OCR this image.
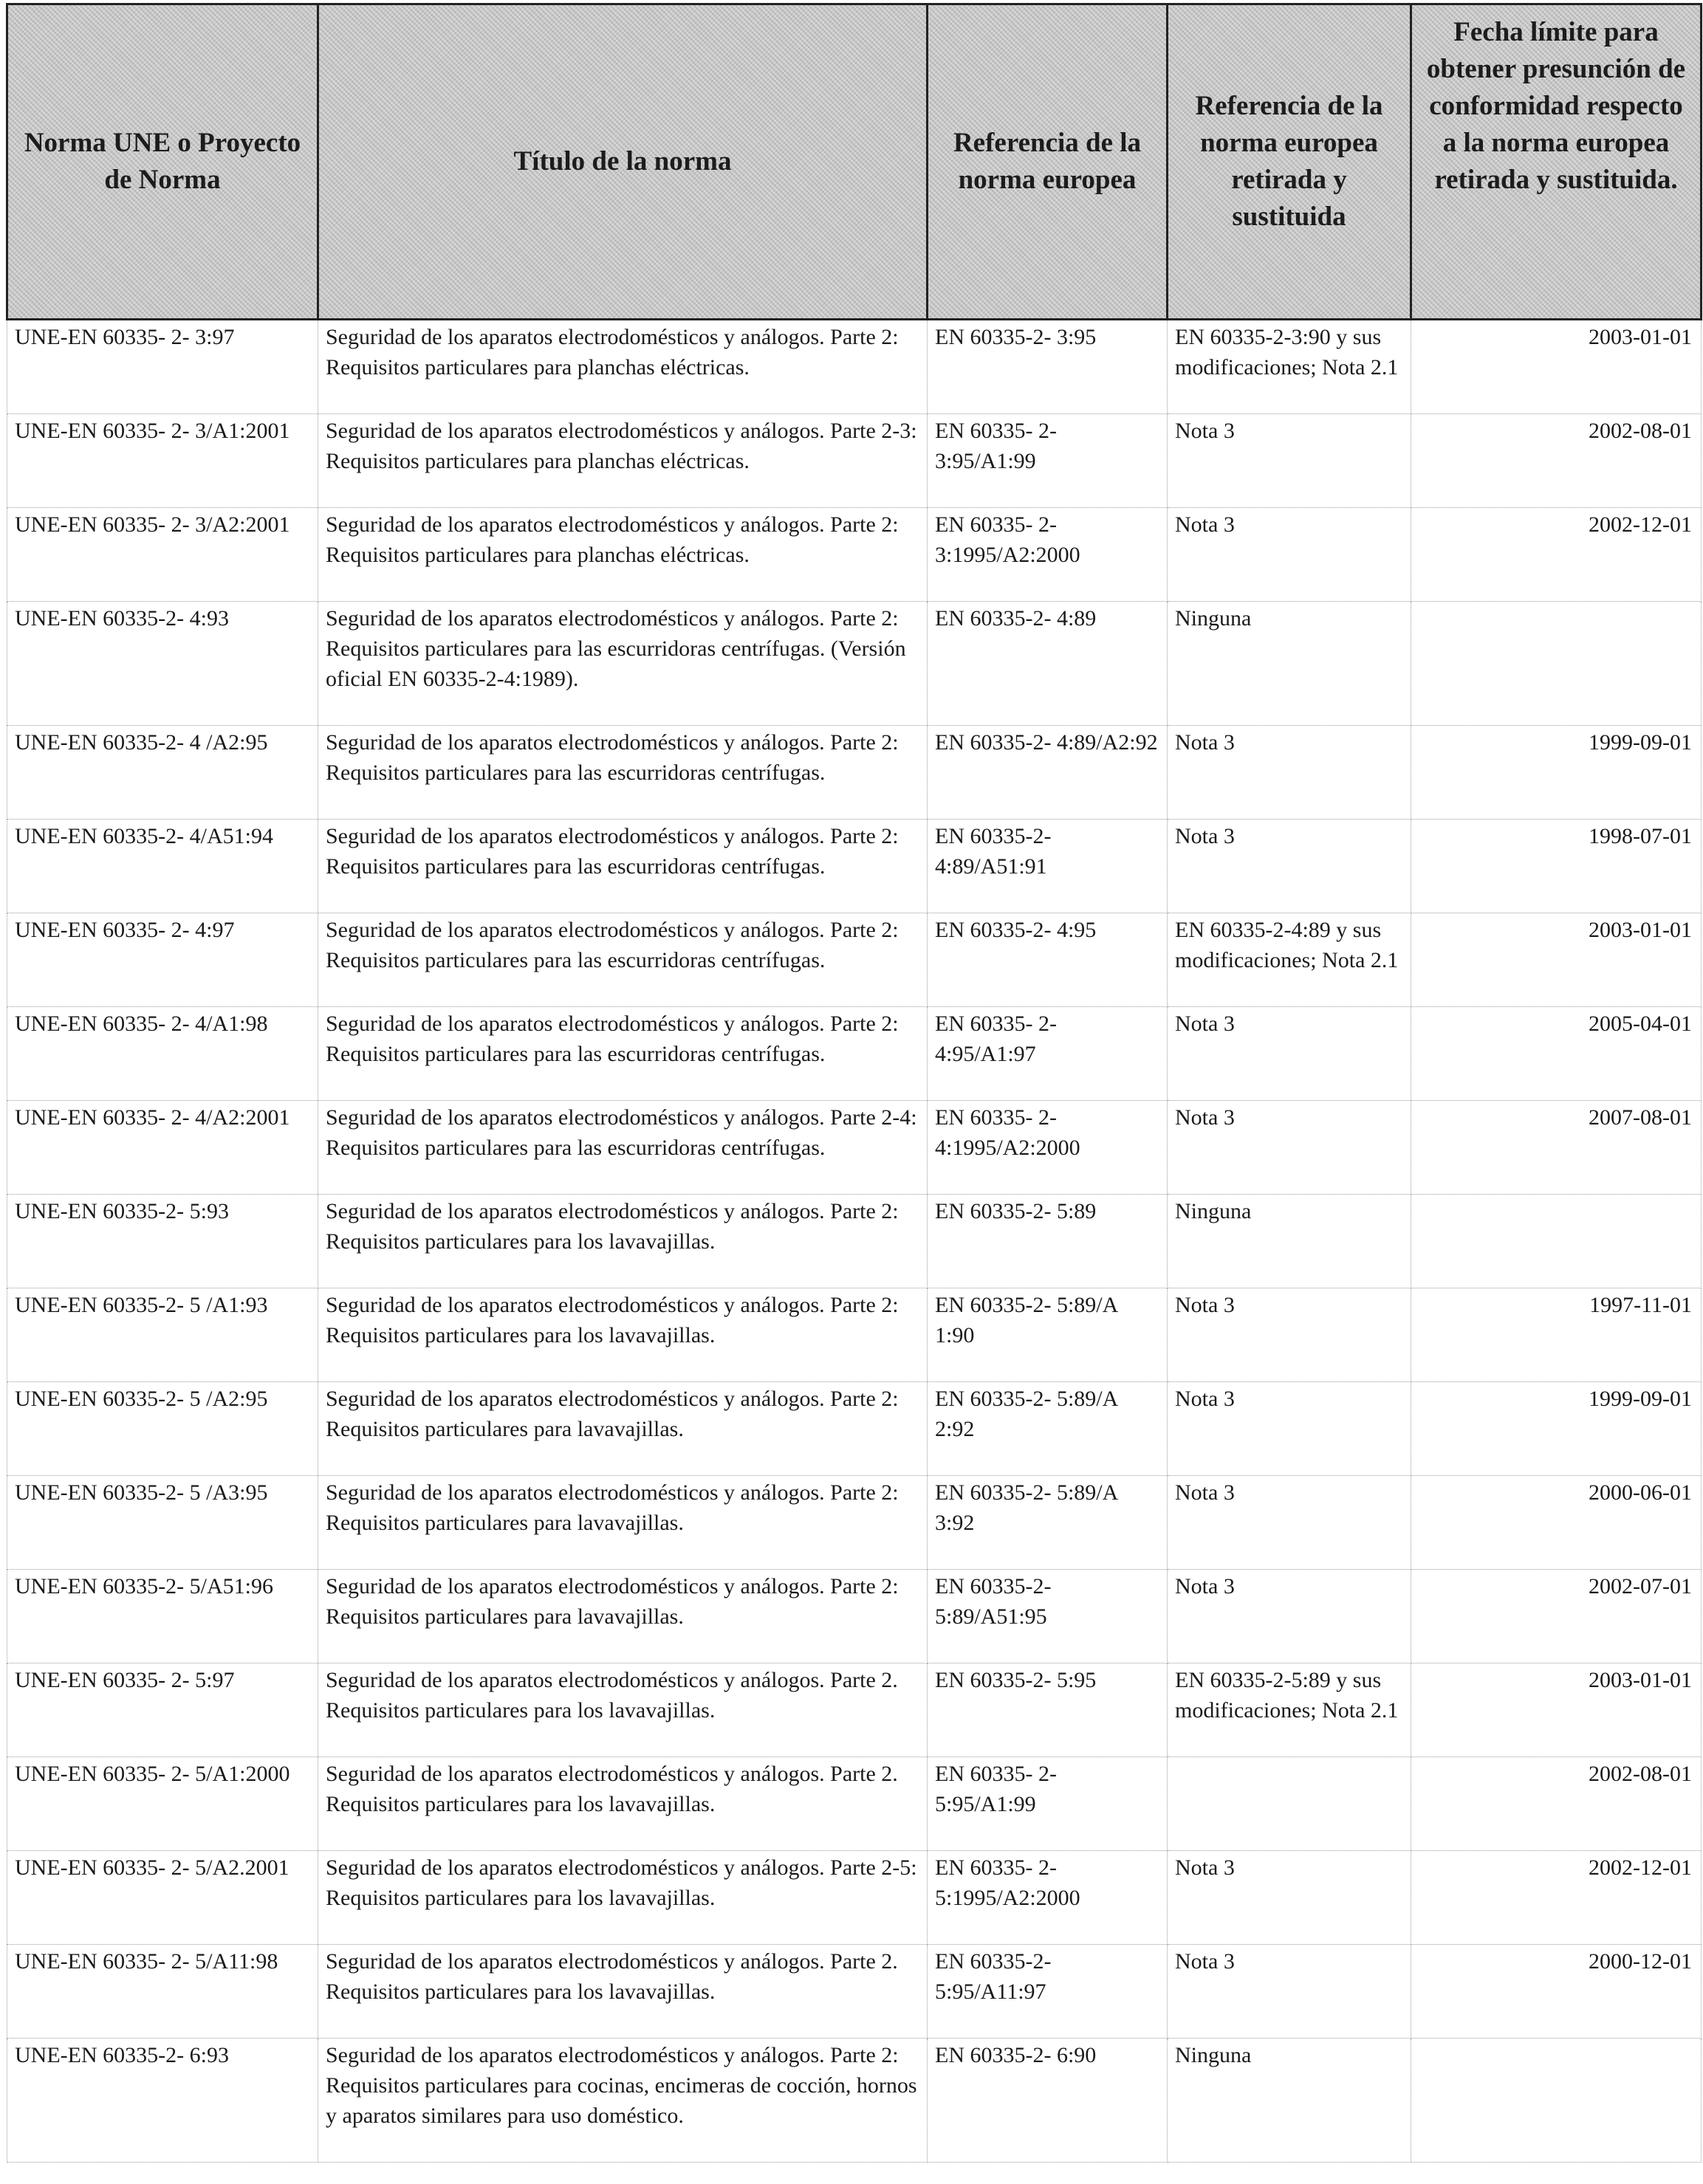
Norma UNE o Proyecto de Norma	Título de la norma	Referencia de la norma europea	Referencia de la norma europea retirada y sustituida	Fecha límite para obtener presunción de conformidad respecto a la norma europea retirada y sustituida.
UNE-EN 60335- 2- 3:97	Seguridad de los aparatos electrodomésticos y análogos. Parte 2: Requisitos particulares para planchas eléctricas.	EN 60335-2- 3:95	EN 60335-2-3:90 y sus modificaciones; Nota 2.1	2003-01-01
UNE-EN 60335- 2- 3/A1:2001	Seguridad de los aparatos electrodomésticos y análogos. Parte 2-3: Requisitos particulares para planchas eléctricas.	EN 60335- 2- 3:95/A1:99	Nota 3	2002-08-01
UNE-EN 60335- 2- 3/A2:2001	Seguridad de los aparatos electrodomésticos y análogos. Parte 2: Requisitos particulares para planchas eléctricas.	EN 60335- 2- 3:1995/A2:2000	Nota 3	2002-12-01
UNE-EN 60335-2- 4:93	Seguridad de los aparatos electrodomésticos y análogos. Parte 2: Requisitos particulares para las escurridoras centrífugas. (Versión oficial EN 60335-2-4:1989).	EN 60335-2- 4:89	Ninguna	
UNE-EN 60335-2- 4 /A2:95	Seguridad de los aparatos electrodomésticos y análogos. Parte 2: Requisitos particulares para las escurridoras centrífugas.	EN 60335-2- 4:89/A2:92	Nota 3	1999-09-01
UNE-EN 60335-2- 4/A51:94	Seguridad de los aparatos electrodomésticos y análogos. Parte 2: Requisitos particulares para las escurridoras centrífugas.	EN 60335-2- 4:89/A51:91	Nota 3	1998-07-01
UNE-EN 60335- 2- 4:97	Seguridad de los aparatos electrodomésticos y análogos. Parte 2: Requisitos particulares para las escurridoras centrífugas.	EN 60335-2- 4:95	EN 60335-2-4:89 y sus modificaciones; Nota 2.1	2003-01-01
UNE-EN 60335- 2- 4/A1:98	Seguridad de los aparatos electrodomésticos y análogos. Parte 2: Requisitos particulares para las escurridoras centrífugas.	EN 60335- 2- 4:95/A1:97	Nota 3	2005-04-01
UNE-EN 60335- 2- 4/A2:2001	Seguridad de los aparatos electrodomésticos y análogos. Parte 2-4: Requisitos particulares para las escurridoras centrífugas.	EN 60335- 2- 4:1995/A2:2000	Nota 3	2007-08-01
UNE-EN 60335-2- 5:93	Seguridad de los aparatos electrodomésticos y análogos. Parte 2: Requisitos particulares para los lavavajillas.	EN 60335-2- 5:89	Ninguna	
UNE-EN 60335-2- 5 /A1:93	Seguridad de los aparatos electrodomésticos y análogos. Parte 2: Requisitos particulares para los lavavajillas.	EN 60335-2- 5:89/A 1:90	Nota 3	1997-11-01
UNE-EN 60335-2- 5 /A2:95	Seguridad de los aparatos electrodomésticos y análogos. Parte 2: Requisitos particulares para lavavajillas.	EN 60335-2- 5:89/A 2:92	Nota 3	1999-09-01
UNE-EN 60335-2- 5 /A3:95	Seguridad de los aparatos electrodomésticos y análogos. Parte 2: Requisitos particulares para lavavajillas.	EN 60335-2- 5:89/A 3:92	Nota 3	2000-06-01
UNE-EN 60335-2- 5/A51:96	Seguridad de los aparatos electrodomésticos y análogos. Parte 2: Requisitos particulares para lavavajillas.	EN 60335-2- 5:89/A51:95	Nota 3	2002-07-01
UNE-EN 60335- 2- 5:97	Seguridad de los aparatos electrodomésticos y análogos. Parte 2. Requisitos particulares para los lavavajillas.	EN 60335-2- 5:95	EN 60335-2-5:89 y sus modificaciones; Nota 2.1	2003-01-01
UNE-EN 60335- 2- 5/A1:2000	Seguridad de los aparatos electrodomésticos y análogos. Parte 2. Requisitos particulares para los lavavajillas.	EN 60335- 2- 5:95/A1:99		2002-08-01
UNE-EN 60335- 2- 5/A2.2001	Seguridad de los aparatos electrodomésticos y análogos. Parte 2-5: Requisitos particulares para los lavavajillas.	EN 60335- 2- 5:1995/A2:2000	Nota 3	2002-12-01
UNE-EN 60335- 2- 5/A11:98	Seguridad de los aparatos electrodomésticos y análogos. Parte 2. Requisitos particulares para los lavavajillas.	EN 60335-2- 5:95/A11:97	Nota 3	2000-12-01
UNE-EN 60335-2- 6:93	Seguridad de los aparatos electrodomésticos y análogos. Parte 2: Requisitos particulares para cocinas, encimeras de cocción, hornos y aparatos similares para uso doméstico.	EN 60335-2- 6:90	Ninguna	
